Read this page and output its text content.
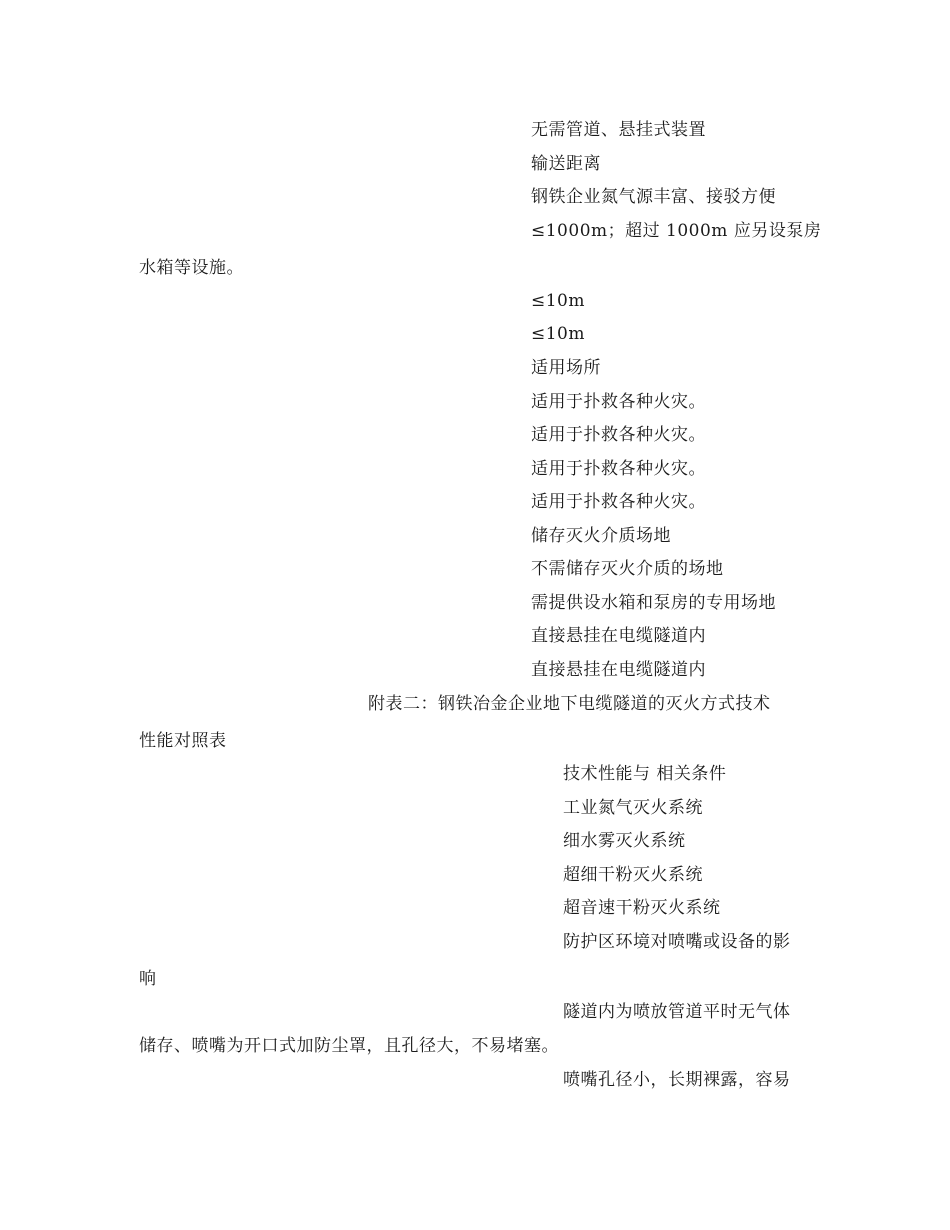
无需管道、悬挂式装置
输送距离
钢铁企业氮气源丰富、接驳方便
≤1000m；超过 1000m 应另设泵房
水箱等设施。
≤10m
≤10m
适用场所
适用于扑救各种火灾。
适用于扑救各种火灾。
适用于扑救各种火灾。
适用于扑救各种火灾。
储存灭火介质场地
不需储存灭火介质的场地
需提供设水箱和泵房的专用场地
直接悬挂在电缆隧道内
直接悬挂在电缆隧道内
附表二：钢铁冶金企业地下电缆隧道的灭火方式技术
性能对照表
技术性能与 相关条件
工业氮气灭火系统
细水雾灭火系统
超细干粉灭火系统
超音速干粉灭火系统
防护区环境对喷嘴或设备的影
响
隧道内为喷放管道平时无气体
储存、喷嘴为开口式加防尘罩，且孔径大，不易堵塞。
喷嘴孔径小，长期裸露，容易
